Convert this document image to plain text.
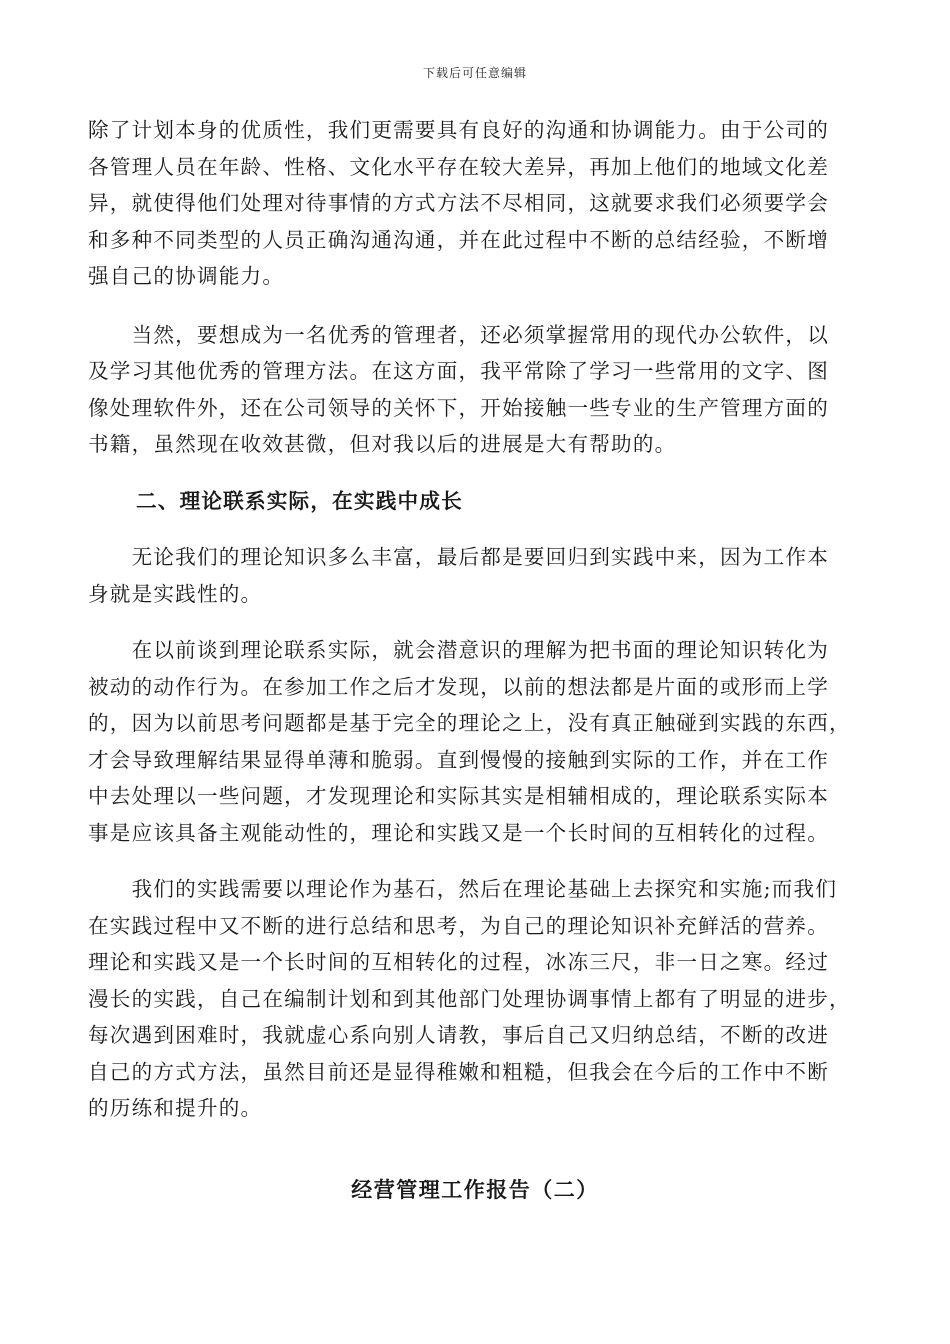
下载后可任意编辑
除了计划本身的优质性，我们更需要具有良好的沟通和协调能力。由于公司的
各管理人员在年龄、性格、文化水平存在较大差异，再加上他们的地域文化差
异，就使得他们处理对待事情的方式方法不尽相同，这就要求我们必须要学会
和多种不同类型的人员正确沟通沟通，并在此过程中不断的总结经验，不断增
强自己的协调能力。
　　当然，要想成为一名优秀的管理者，还必须掌握常用的现代办公软件，以
及学习其他优秀的管理方法。在这方面，我平常除了学习一些常用的文字、图
像处理软件外，还在公司领导的关怀下，开始接触一些专业的生产管理方面的
书籍，虽然现在收效甚微，但对我以后的进展是大有帮助的。
二、理论联系实际，在实践中成长
　　无论我们的理论知识多么丰富，最后都是要回归到实践中来，因为工作本
身就是实践性的。
　　在以前谈到理论联系实际，就会潜意识的理解为把书面的理论知识转化为
被动的动作行为。在参加工作之后才发现，以前的想法都是片面的或形而上学
的，因为以前思考问题都是基于完全的理论之上，没有真正触碰到实践的东西，
才会导致理解结果显得单薄和脆弱。直到慢慢的接触到实际的工作，并在工作
中去处理以一些问题，才发现理论和实际其实是相辅相成的，理论联系实际本
事是应该具备主观能动性的，理论和实践又是一个长时间的互相转化的过程。
　　我们的实践需要以理论作为基石，然后在理论基础上去探究和实施;而我们
在实践过程中又不断的进行总结和思考，为自己的理论知识补充鲜活的营养。
理论和实践又是一个长时间的互相转化的过程，冰冻三尺，非一日之寒。经过
漫长的实践，自己在编制计划和到其他部门处理协调事情上都有了明显的进步，
每次遇到困难时，我就虚心系向别人请教，事后自己又归纳总结，不断的改进
自己的方式方法，虽然目前还是显得稚嫩和粗糙，但我会在今后的工作中不断
的历练和提升的。
经营管理工作报告（二）
